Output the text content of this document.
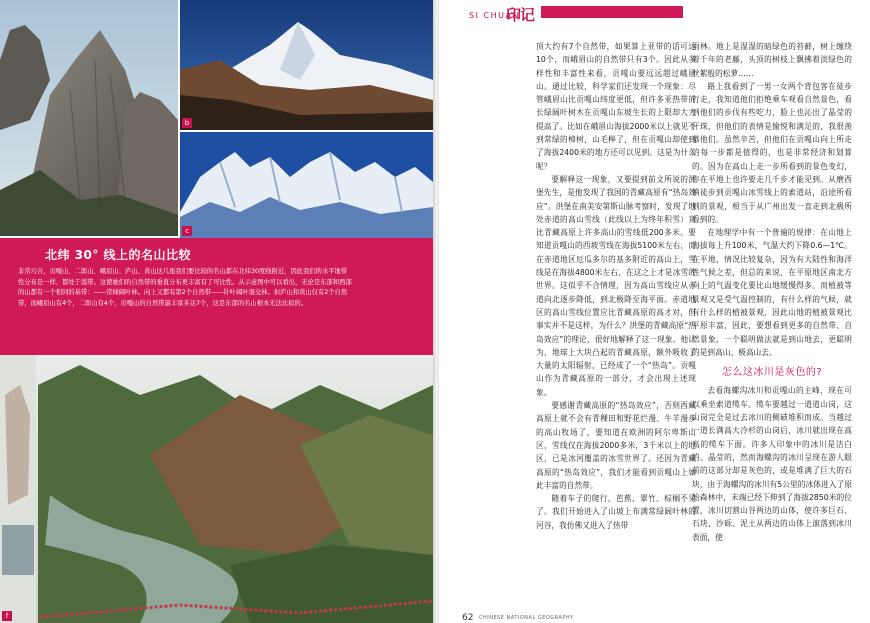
b
c
北纬 30° 线上的名山比较
非常巧合，贡嘎山、二郎山、峨眉山、庐山、黄山这几座我们要比较的名山都在北纬30度线附近，因此我们的水平地带性分布是一样、都处于温带。这使她们的自然带的垂直分布更丰富有了可比性。从示意图中可以看出，无论是东部和西部的山都有一个相同的基带：——常绿阔叶林。向上又都有第2个自然带——针叶阔叶混交林。但庐山和黄山仅有2个自然带，而峨眉山有4个，二郎山有4个，贡嘎山的自然带最丰富多达7个，这是东部的名山根本无法比拟的。
f
SI CHUAN
印记

顶大约有7个自然带，如果算上亚带的话可达10个，而峨眉山的自然带只有3个。因此从多样性和丰富性来看，贡嘎山要远远超过峨眉山。通过比较，科学家们还发现一个现象：尽管峨眉山比贡嘎山纬度更低，但许多亚热带的长绿阔叶树木在贡嘎山东坡生长的上限却大大提高了。比如在峨眉山海拔2000米以上就见不到常绿的樟树，山毛榉了，但在贡嘎山却使到了海拔2400米的地方还可以见到。这是为什么呢？

要解释这一现象，又要提到前文所说的洪堡先生，是他发现了我国的青藏高原有“热岛效应”。洪堡在南美安第斯山脉考察时，发现了地处赤道的高山雪线（此线以上为终年积雪）竟比青藏高原上许多高山的雪线低200多米。要知道贡嘎山的西坡雪线在海拔5100米左右，而在赤道地区厄瓜多尔的基多附近的高山上，雪线是在海拔4800米左右，在这之上才是冰雪的世界。这似乎不合情理，因为高山雪线应从赤道向北逐步降低，到北极降至海平面。赤道地区的高山雪线位置应比青藏高原的高才对，但事实并不是这样，为什么？洪堡的青藏高原“热岛效应”的理论，很好地解释了这一现象。他认为，地球上大块凸起的青藏高原，额外吸收了大量的太阳辐射，已经成了一个“热岛”。贡嘎山作为青藏高原的一部分，才会出现上述现象。

要感谢青藏高原的“热岛效应”，否则西藏高原上就不会有青稞田和野花烂漫、牛羊漫步的高山牧场了，要知道在欧洲的阿尔卑斯山区，雪线仅在海拔2000多米，3千米以上的地区，已是冰河覆盖的冰雪世界了。还因为青藏高原的“热岛效应”，我们才能看到贡嘎山上如此丰富的自然带。

随着车子的爬行，芭蕉、翠竹、棕榈不见了。我们开始进入了山坡上布满常绿阔叶林的河谷，我仿佛又进入了热带

雨林。地上是湿湿的暗绿色的苔藓，树上缠绕着千年的老藤，头顶的树枝上飘拂着淡绿色的丝絮般的松萝……

路上我看到了一男一女两个背包客在徒步行走，我知道他们拒绝乘车观看自然景色，看到他们的步伐有些吃力，脸上也沁出了晶莹的汗珠，但他们的表情是愉悦和满足的，我很羡慕他们。虽然辛苦，但他们在贡嘎山向上所走的每一步都是值得的，也是非常经济和划算的。因为在高山上走一步所看到的景色变幻，你在平地上也许要走几千步才能见到。从磨西镇徒步到贡嘎山冰雪线上的索道站，沿途所看到的景观，相当于从广州出发一直走到北极所看到的。

在地理学中有一个普遍的规律：在山地上海拔每上升100米，气温大约下降0.6—1℃。在平地，情况比较复杂，因为有大陆性和海洋性气候之差，但总的来说，在平原地区南北方向上的气温变化要比山地缓慢得多。而植被等景观又是受气温控制的，有什么样的气候，就有什么样的植被景观，因此山地的植被景观比平原丰富，因此，要想看到更多的自然带、自然景象，一个聪明做法就是到山地去，更聪明的是到高山、极高山去。

怎么这冰川是灰色的?

去看海螺沟冰川和贡嘎山的主峰，现在可以乘坐索道缆车。缆车要越过一道道山岗，这山岗完全是过去冰川的侧碛堆积而成。当越过一道长满高大冷杉的山岗后，冰川就出现在高高的缆车下面。许多人印象中的冰川是洁白的、晶莹的，然而海螺沟的冰川呈现在游人眼前的这部分却是灰色的，或是堆满了巨大的石块，由于海螺沟的冰川有5公里的冰体进入了原始森林中，末端已经下伸到了海拔2850米的位置，冰川切割山谷两边的山体，使许多巨石、石块、沙砾、泥土从两边的山体上滚落到冰川表面，使

62 CHINESE NATIONAL GEOGRAPHY
